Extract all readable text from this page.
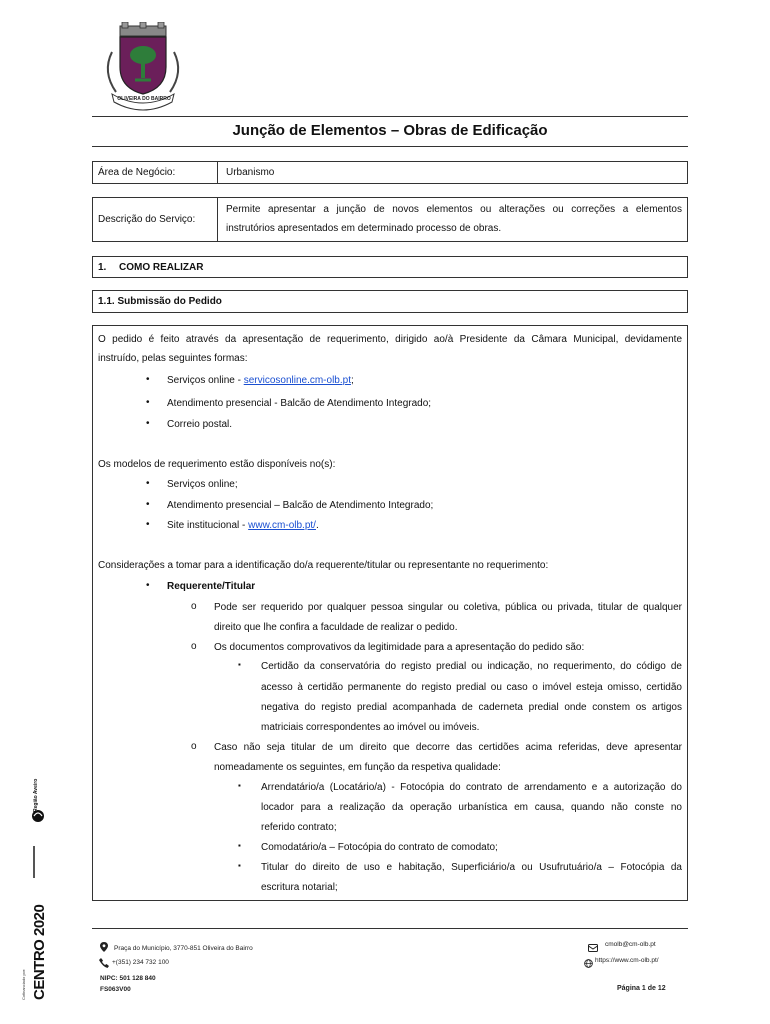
OLIVEIRA DO BAIRRO
Junção de Elementos – Obras de Edificação
Área de Negócio:	Urbanismo
Descrição do Serviço:
Permite apresentar a junção de novos elementos ou alterações ou correções a elementos
instrutórios apresentados em determinado processo de obras.
1. COMO REALIZAR
1.1. Submissão do Pedido
O pedido é feito através da apresentação de requerimento, dirigido ao/à Presidente da Câmara Municipal, devidamente
instruído, pelas seguintes formas:
• Serviços online - servicosonline.cm-olb.pt;
• Atendimento presencial - Balcão de Atendimento Integrado;
• Correio postal.
Os modelos de requerimento estão disponíveis no(s):
• Serviços online;
• Atendimento presencial – Balcão de Atendimento Integrado;
• Site institucional - www.cm-olb.pt/.
Considerações a tomar para a identificação do/a requerente/titular ou representante no requerimento:
• Requerente/Titular
o Pode ser requerido por qualquer pessoa singular ou coletiva, pública ou privada, titular de qualquer
direito que lhe confira a faculdade de realizar o pedido.
o Os documentos comprovativos da legitimidade para a apresentação do pedido são:
▪ Certidão da conservatória do registo predial ou indicação, no requerimento, do código de
acesso à certidão permanente do registo predial ou caso o imóvel esteja omisso, certidão
negativa do registo predial acompanhada de caderneta predial onde constem os artigos
matriciais correspondentes ao imóvel ou imóveis.
o Caso não seja titular de um direito que decorre das certidões acima referidas, deve apresentar
nomeadamente os seguintes, em função da respetiva qualidade:
▪ Arrendatário/a (Locatário/a) - Fotocópia do contrato de arrendamento e a autorização do
locador para a realização da operação urbanística em causa, quando não conste no
referido contrato;
▪ Comodatário/a – Fotocópia do contrato de comodato;
▪ Titular do direito de uso e habitação, Superficiário/a ou Usufrutuário/a – Fotocópia da
escritura notarial;
Praça do Município, 3770-851 Oliveira do Bairro
+(351) 234 732 100
NIPC: 501 128 840
FS063V00
cmolb@cm-olb.pt
https://www.cm-olb.pt/
Página 1 de 12
Região Aveiro
CENTRO 2020
Cofinanciado por:
